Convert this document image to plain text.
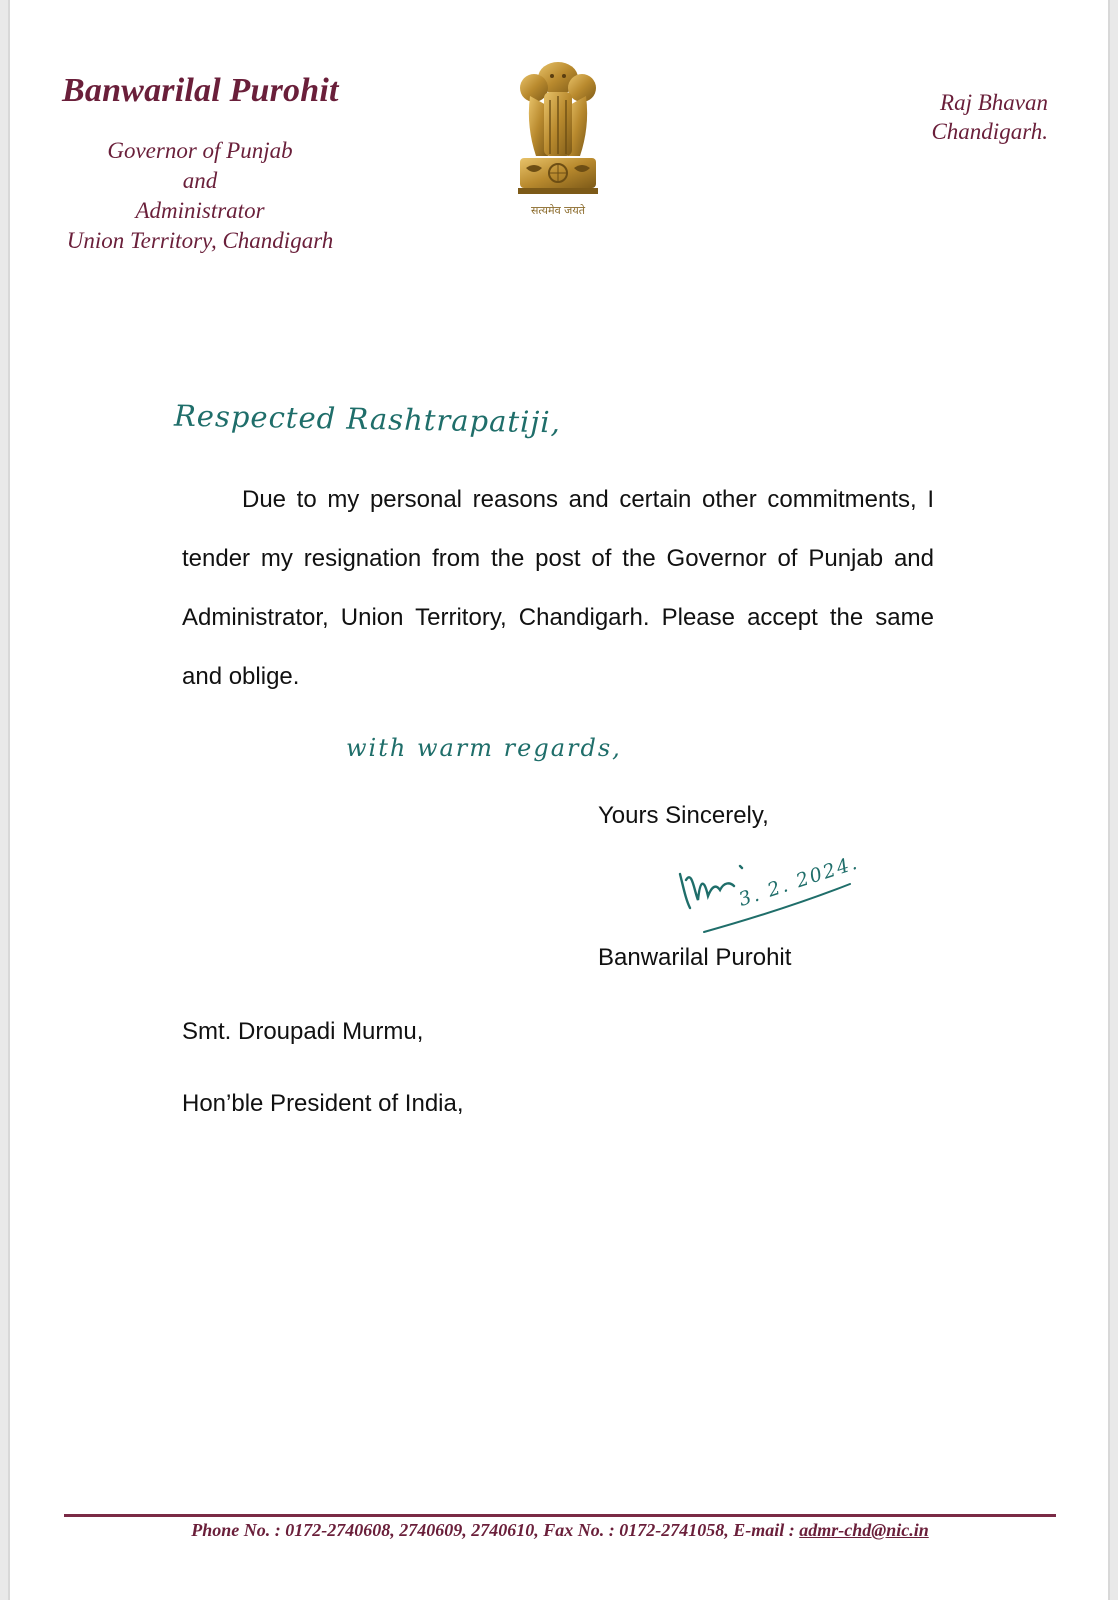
Banwarilal Purohit
Governor of Punjab
and
Administrator
Union Territory, Chandigarh
सत्यमेव जयते
Raj Bhavan
Chandigarh.
Respected Rashtrapatiji,

Due to my personal reasons and certain other commitments, I tender my resignation from the post of the Governor of Punjab and Administrator, Union Territory, Chandigarh. Please accept the same and oblige.

with warm regards,
Yours Sincerely,
3. 2. 2024.
Banwarilal Purohit
Smt. Droupadi Murmu,
Hon’ble President of India,
Phone No. : 0172-2740608, 2740609, 2740610, Fax No. : 0172-2741058, E-mail : admr-chd@nic.in
